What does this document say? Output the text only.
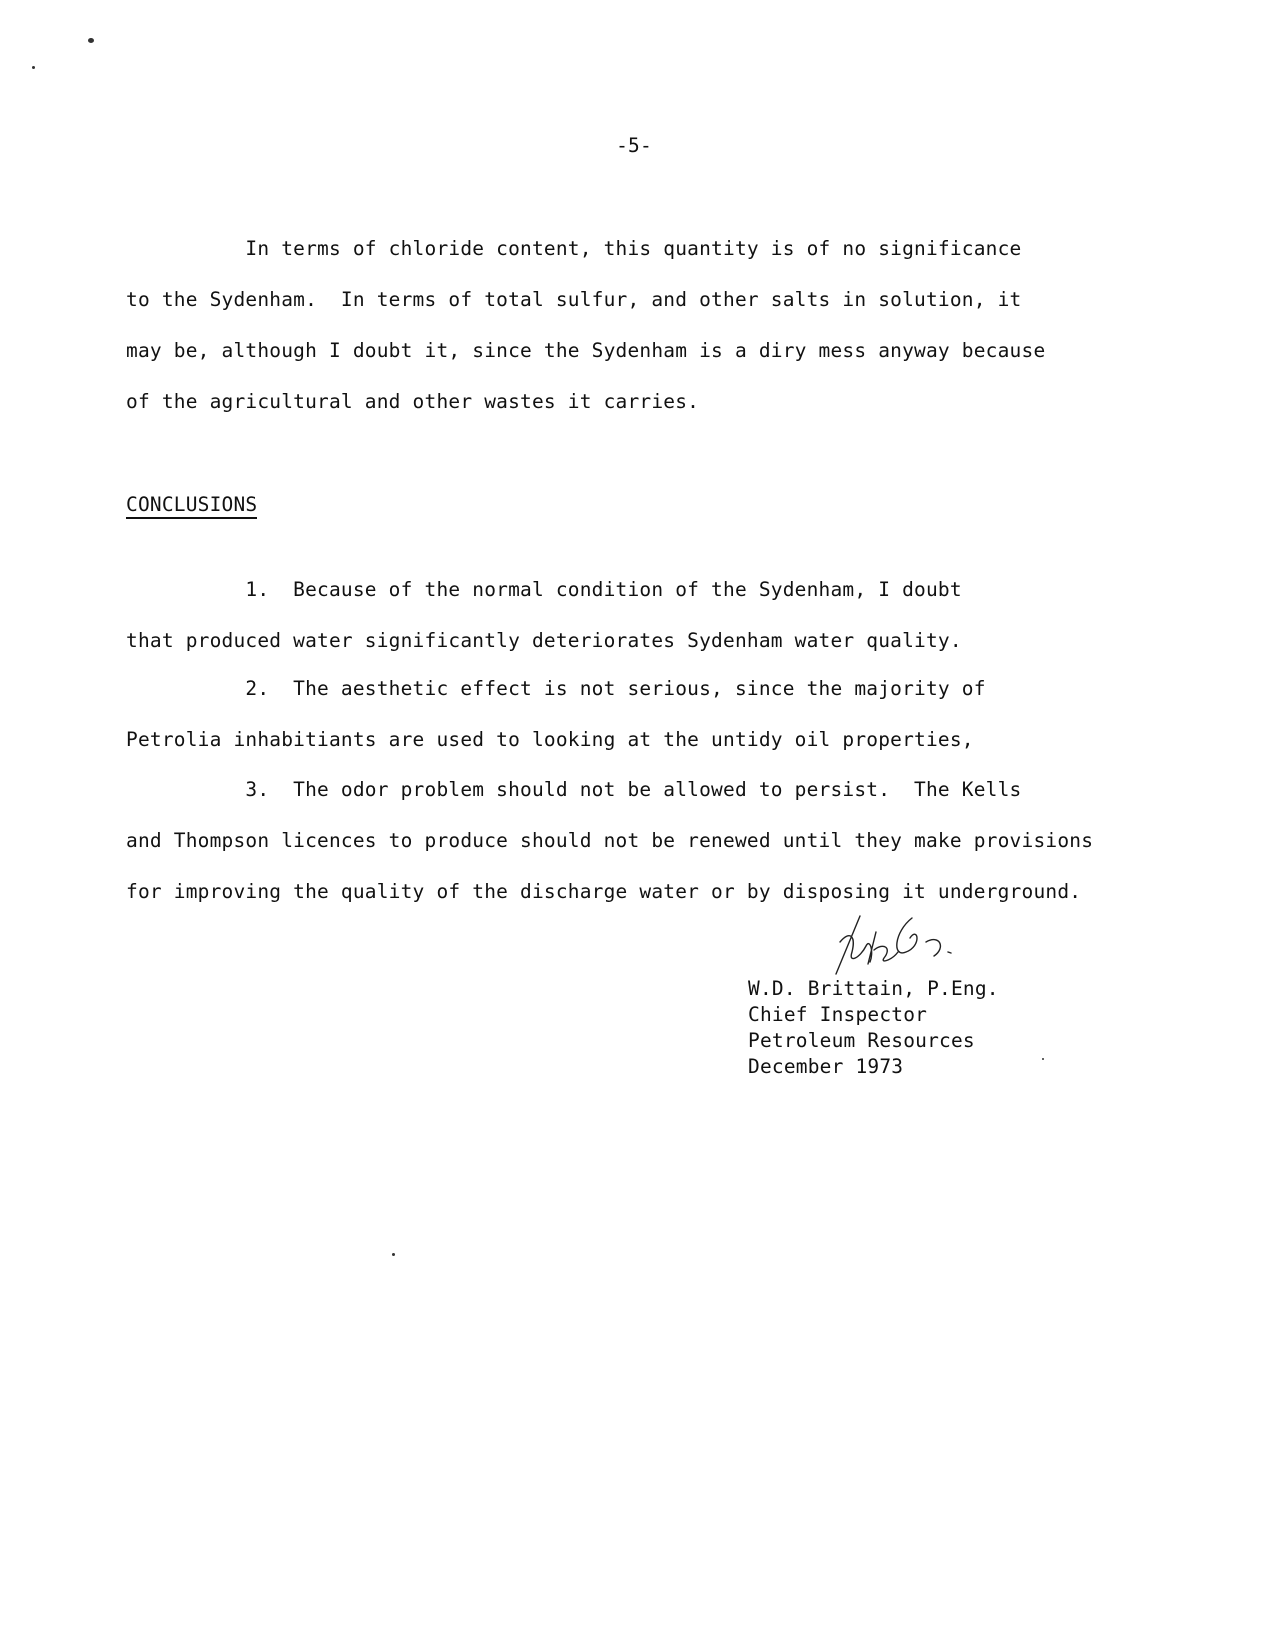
-5-

In terms of chloride content, this quantity is of no significance
to the Sydenham.  In terms of total sulfur, and other salts in solution, it
may be, although I doubt it, since the Sydenham is a diry mess anyway because
of the agricultural and other wastes it carries.
CONCLUSIONS
1.  Because of the normal condition of the Sydenham, I doubt
that produced water significantly deteriorates Sydenham water quality.
2.  The aesthetic effect is not serious, since the majority of
Petrolia inhabitiants are used to looking at the untidy oil properties,
3.  The odor problem should not be allowed to persist.  The Kells
and Thompson licences to produce should not be renewed until they make provisions
for improving the quality of the discharge water or by disposing it underground.
W.D. Brittain, P.Eng.
Chief Inspector
Petroleum Resources
December 1973
